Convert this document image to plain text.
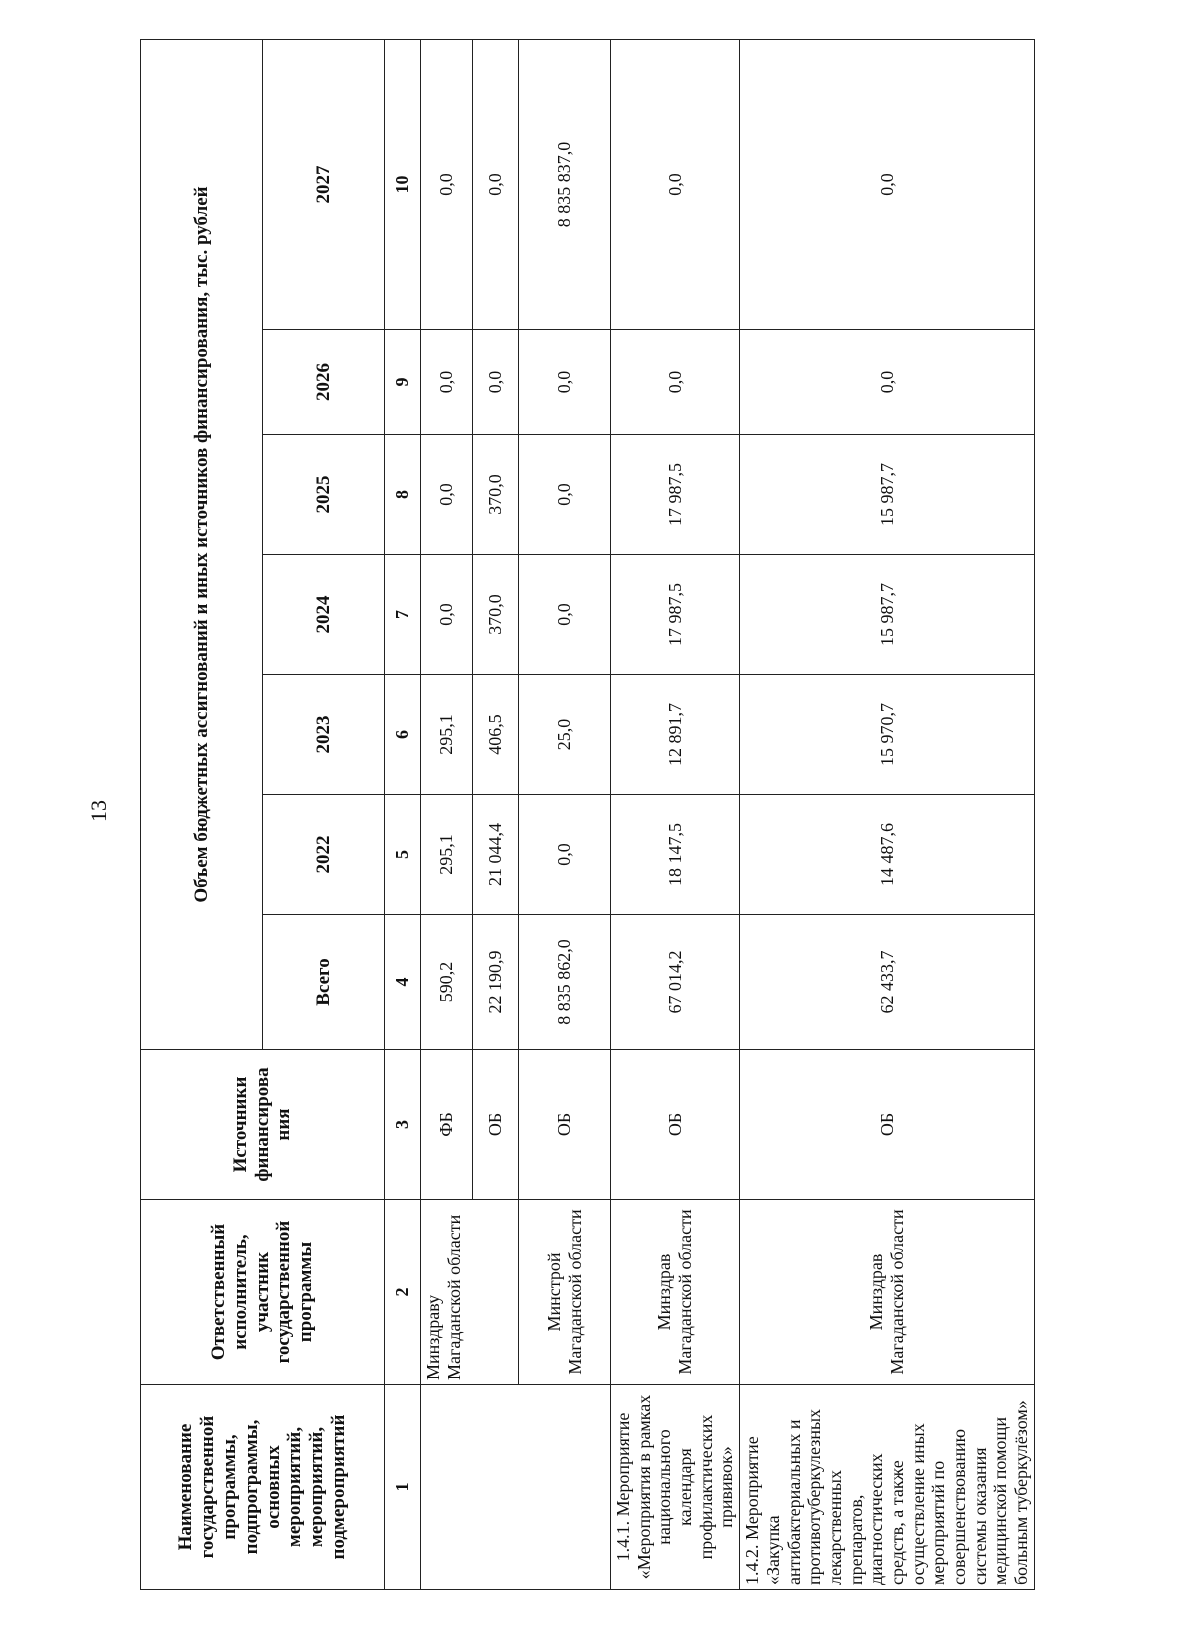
13
Наименование государственной программы, подпрограммы, основных мероприятий, мероприятий, подмероприятий	Ответственный исполнитель, участник государственной программы	Источники финансирова ния	Объем бюджетных ассигнований и иных источников финансирования, тыс. рублей						
			Всего	2022	2023	2024	2025	2026	2027
1	2	3	4	5	6	7	8	9	10
	Минздраву Магаданской области	ФБ	590,2	295,1	295,1	0,0	0,0	0,0	0,0
		ОБ	22 190,9	21 044,4	406,5	370,0	370,0	0,0	0,0
	Минстрой Магаданской области	ОБ	8 835 862,0	0,0	25,0	0,0	0,0	0,0	8 835 837,0
1.4.1. Мероприятие «Мероприятия в рамках национального календаря профилактических прививок»	Минздрав Магаданской области	ОБ	67 014,2	18 147,5	12 891,7	17 987,5	17 987,5	0,0	0,0
1.4.2. Мероприятие «Закупка антибактериальных и противотуберкулезных лекарственных препаратов, диагностических средств, а также осуществление иных мероприятий по совершенствованию системы оказания медицинской помощи больным туберкулёзом»	Минздрав Магаданской области	ОБ	62 433,7	14 487,6	15 970,7	15 987,7	15 987,7	0,0	0,0
